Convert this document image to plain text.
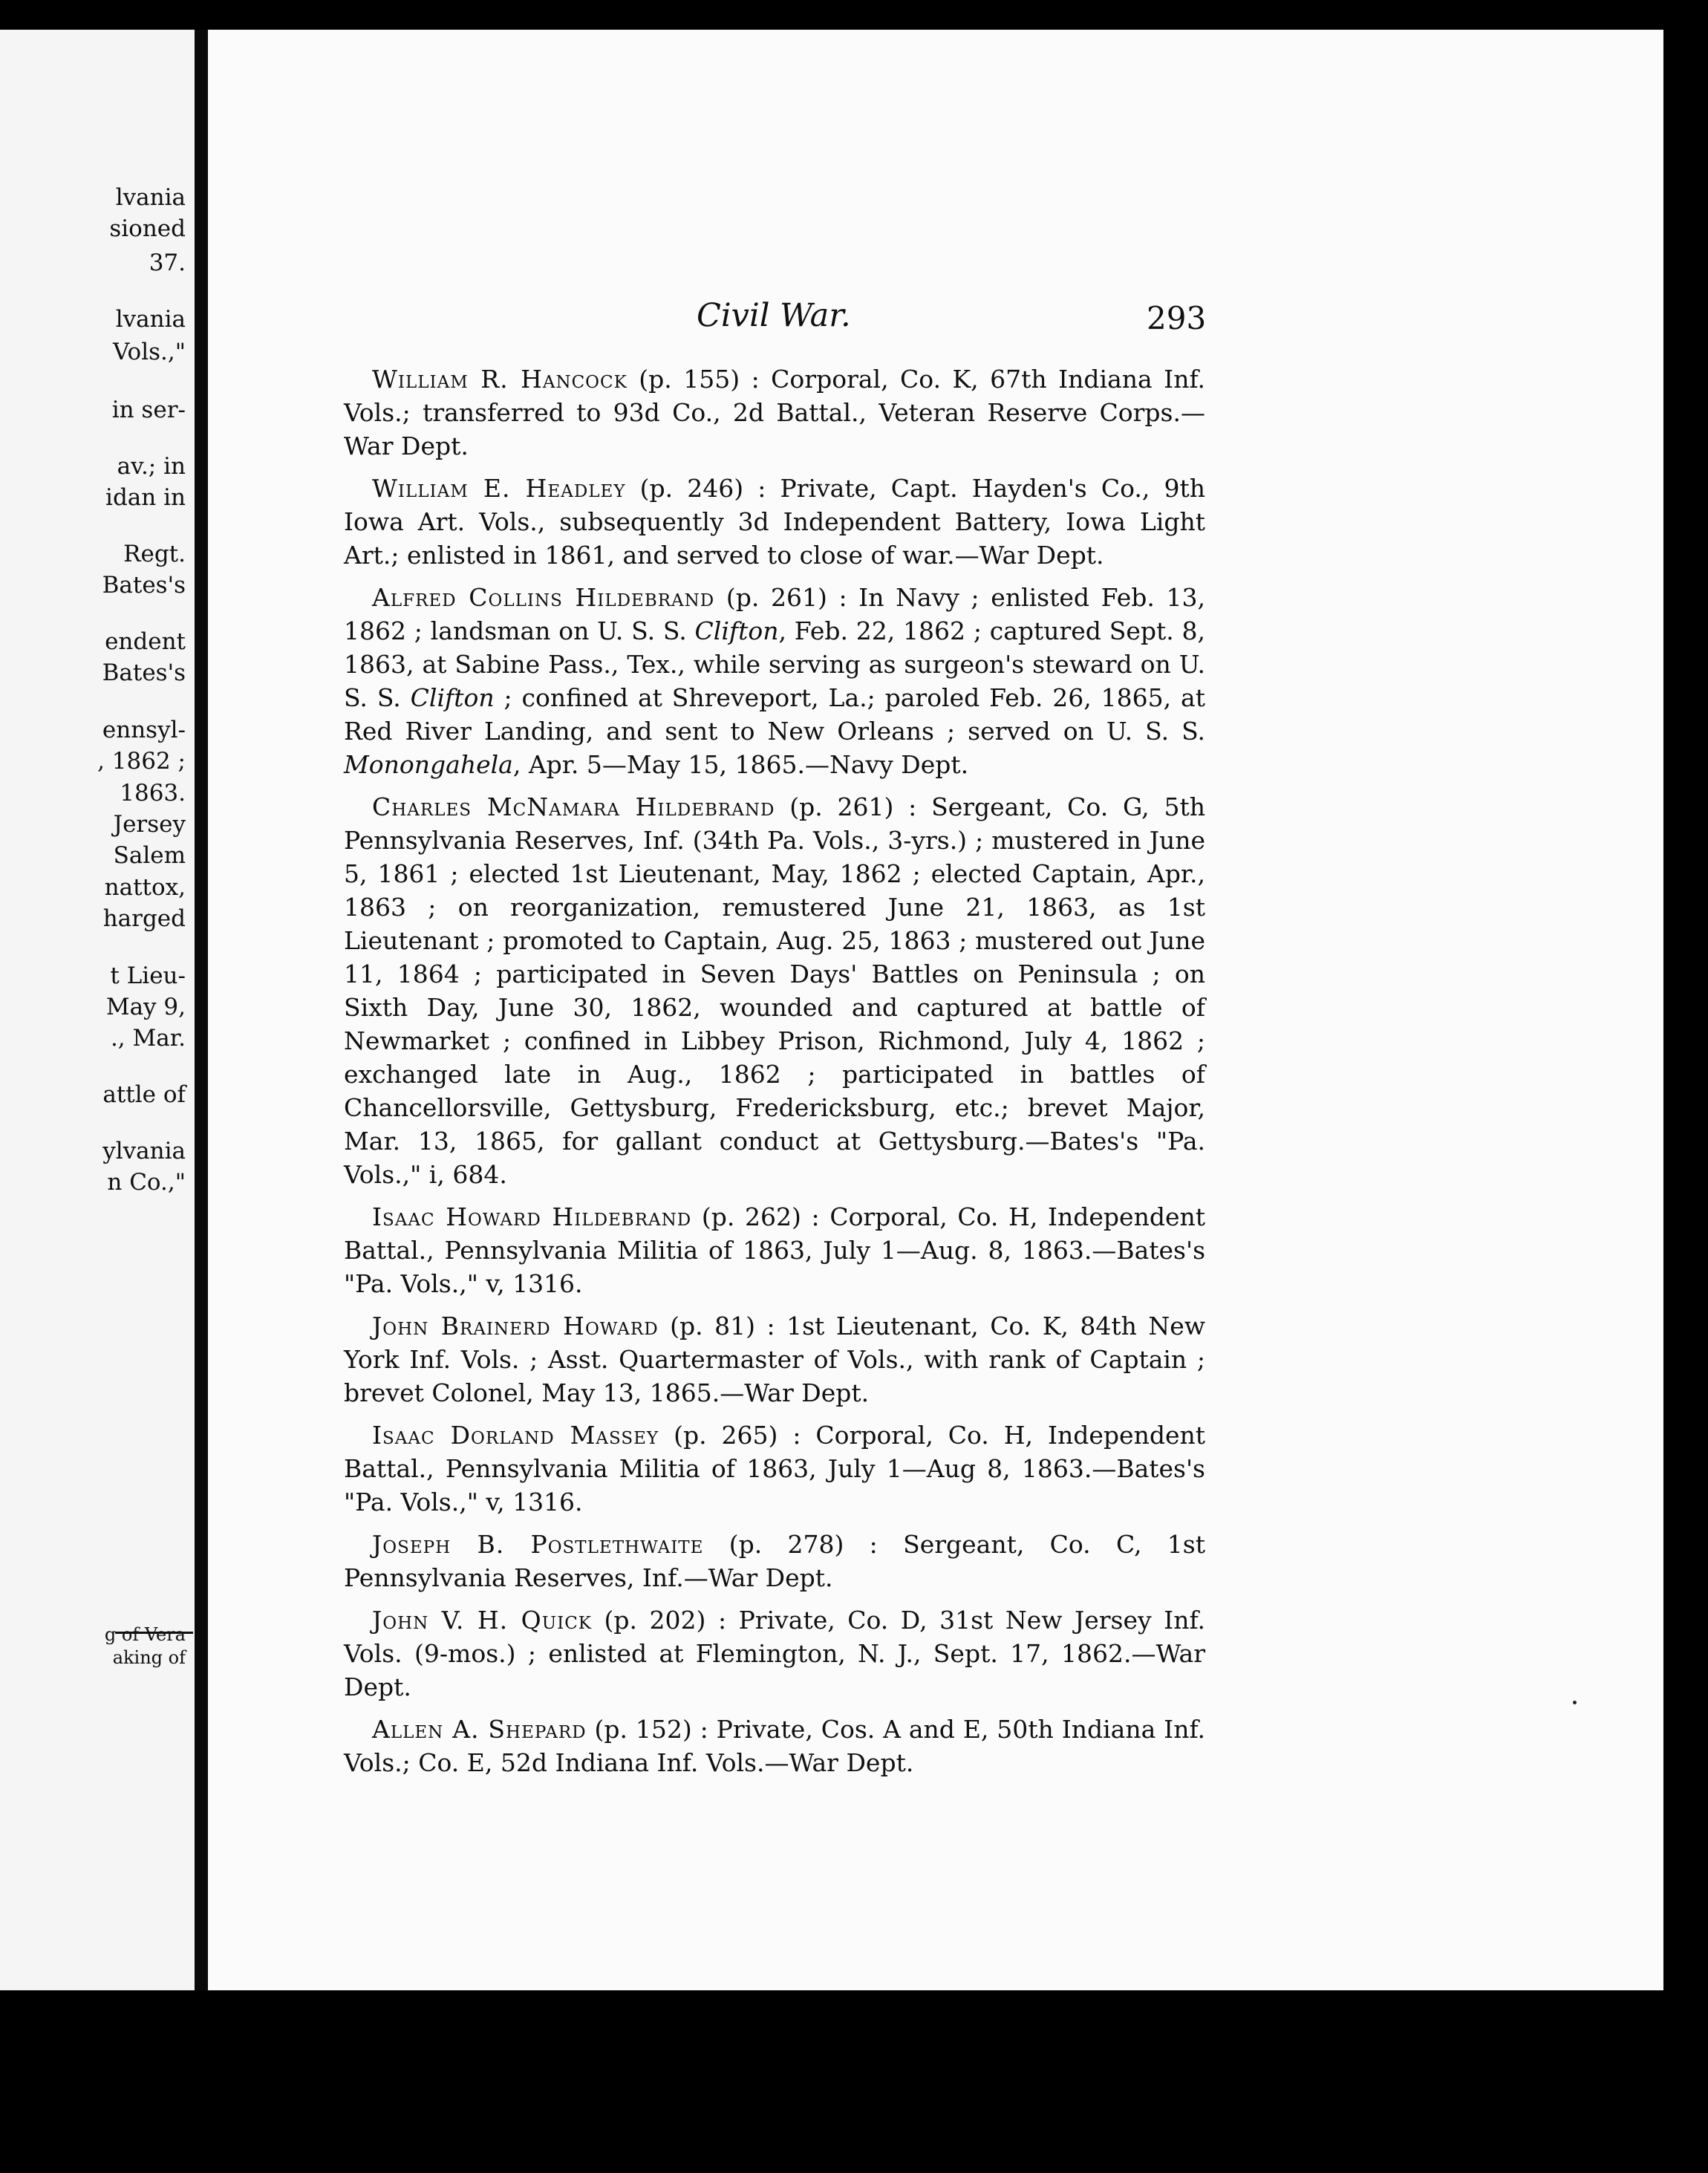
lvania
sioned
37.
lvania
Vols.,"
in ser-
av.; in
idan in
Regt.
Bates's
endent
Bates's
ennsyl-
, 1862 ;
1863.
Jersey
Salem
nattox,
harged
t Lieu-
May 9,
., Mar.
attle of
ylvania
n Co.,"
g of Vera
aking of
Civil War.	293

William R. Hancock (p. 155) : Corporal, Co. K, 67th Indiana Inf. Vols.; transferred to 93d Co., 2d Battal., Veteran Reserve Corps.—War Dept.

William E. Headley (p. 246) : Private, Capt. Hayden's Co., 9th Iowa Art. Vols., subsequently 3d Independent Battery, Iowa Light Art.; enlisted in 1861, and served to close of war.—War Dept.

Alfred Collins Hildebrand (p. 261) : In Navy ; enlisted Feb. 13, 1862 ; landsman on U. S. S. Clifton, Feb. 22, 1862 ; captured Sept. 8, 1863, at Sabine Pass., Tex., while serving as surgeon's steward on U. S. S. Clifton ; confined at Shreveport, La.; paroled Feb. 26, 1865, at Red River Landing, and sent to New Orleans ; served on U. S. S. Monongahela, Apr. 5—May 15, 1865.—Navy Dept.

Charles McNamara Hildebrand (p. 261) : Sergeant, Co. G, 5th Pennsylvania Reserves, Inf. (34th Pa. Vols., 3-yrs.) ; mustered in June 5, 1861 ; elected 1st Lieutenant, May, 1862 ; elected Captain, Apr., 1863 ; on reorganization, remustered June 21, 1863, as 1st Lieutenant ; promoted to Captain, Aug. 25, 1863 ; mustered out June 11, 1864 ; participated in Seven Days' Battles on Peninsula ; on Sixth Day, June 30, 1862, wounded and captured at battle of Newmarket ; confined in Libbey Prison, Richmond, July 4, 1862 ; exchanged late in Aug., 1862 ; participated in battles of Chancellorsville, Gettysburg, Fredericksburg, etc.; brevet Major, Mar. 13, 1865, for gallant conduct at Gettysburg.—Bates's "Pa. Vols.," i, 684.

Isaac Howard Hildebrand (p. 262) : Corporal, Co. H, Independent Battal., Pennsylvania Militia of 1863, July 1—Aug. 8, 1863.—Bates's "Pa. Vols.," v, 1316.

John Brainerd Howard (p. 81) : 1st Lieutenant, Co. K, 84th New York Inf. Vols. ; Asst. Quartermaster of Vols., with rank of Captain ; brevet Colonel, May 13, 1865.—War Dept.

Isaac Dorland Massey (p. 265) : Corporal, Co. H, Independent Battal., Pennsylvania Militia of 1863, July 1—Aug 8, 1863.—Bates's "Pa. Vols.," v, 1316.

Joseph B. Postlethwaite (p. 278) : Sergeant, Co. C, 1st Pennsylvania Reserves, Inf.—War Dept.

John V. H. Quick (p. 202) : Private, Co. D, 31st New Jersey Inf. Vols. (9-mos.) ; enlisted at Flemington, N. J., Sept. 17, 1862.—War Dept.

Allen A. Shepard (p. 152) : Private, Cos. A and E, 50th Indiana Inf. Vols.; Co. E, 52d Indiana Inf. Vols.—War Dept.
